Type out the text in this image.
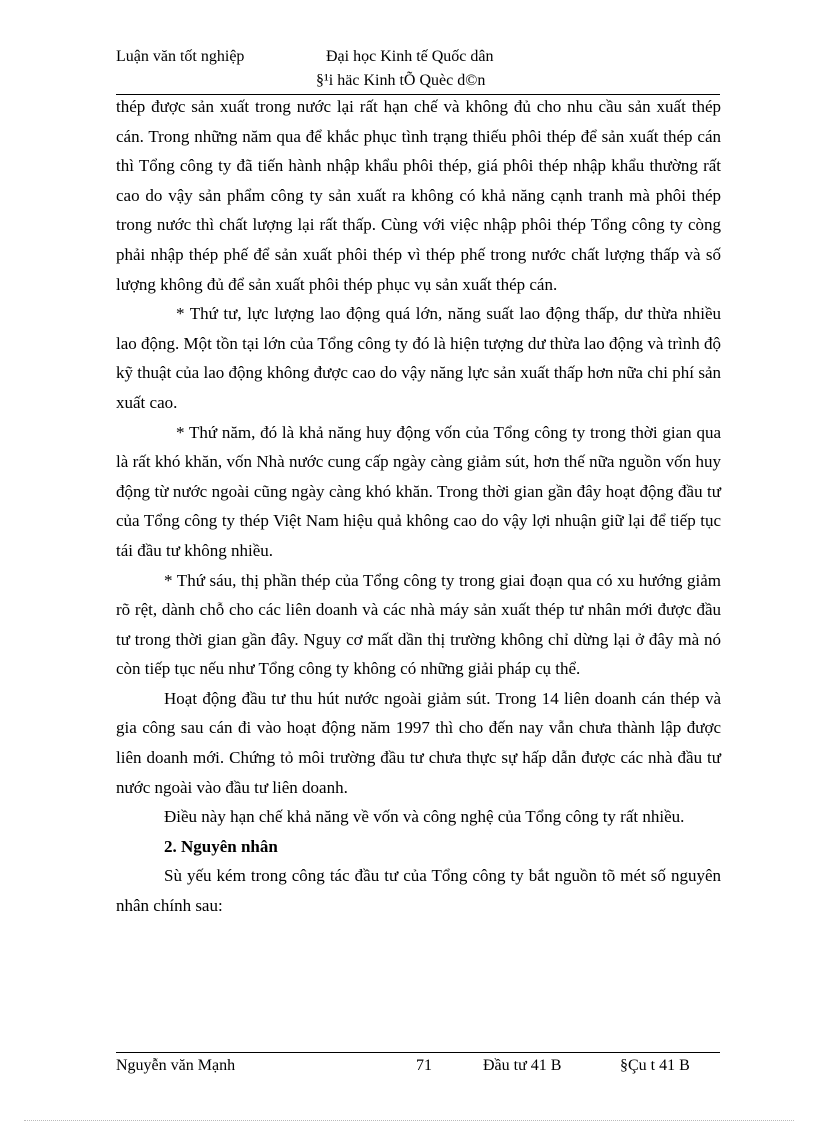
Luận văn tốt nghiệp	Đại học Kinh tế Quốc dân
§¹i häc Kinh tÕ Quèc d©n

thép được sản xuất trong nước lại rất hạn chế và không đủ cho nhu cầu sản xuất thép cán. Trong những năm qua để khắc phục tình trạng thiếu phôi thép để sản xuất thép cán thì Tổng công ty đã tiến hành nhập khẩu phôi thép, giá phôi thép nhập khẩu thường rất cao do vậy sản phẩm công ty sản xuất ra không có khả năng cạnh tranh mà phôi thép trong nước thì chất lượng lại rất thấp. Cùng với việc nhập phôi thép Tổng công ty còng phải nhập thép phế để sản xuất phôi thép vì thép phế trong nước chất lượng thấp và số lượng không đủ để sản xuất phôi thép phục vụ sản xuất thép cán.

* Thứ tư, lực lượng lao động quá lớn, năng suất lao động thấp, dư thừa nhiều lao động. Một tồn tại lớn của Tổng công ty đó là hiện tượng dư thừa lao động và trình độ kỹ thuật của lao động không được cao do vậy năng lực sản xuất thấp hơn nữa chi phí sản xuất cao.

* Thứ năm, đó là khả năng huy động vốn của Tổng công ty trong thời gian qua là rất khó khăn, vốn Nhà nước cung cấp ngày càng giảm sút, hơn thế nữa nguồn vốn huy động từ nước ngoài cũng ngày càng khó khăn. Trong thời gian gần đây hoạt động đầu tư của Tổng công ty thép Việt Nam hiệu quả không cao do vậy lợi nhuận giữ lại để tiếp tục tái đầu tư không nhiều.

* Thứ sáu, thị phần thép của Tổng công ty trong giai đoạn qua có xu hướng giảm rõ rệt, dành chỗ cho các liên doanh và các nhà máy sản xuất thép tư nhân mới được đầu tư trong thời gian gần đây. Nguy cơ mất dần thị trường không chỉ dừng lại ở đây mà nó còn tiếp tục nếu như Tổng công ty không có những giải pháp cụ thể.

Hoạt động đầu tư thu hút nước ngoài giảm sút. Trong 14 liên doanh cán thép và gia công sau cán đi vào hoạt động năm 1997 thì cho đến nay vẫn chưa thành lập được liên doanh mới. Chứng tỏ môi trường đầu tư chưa thực sự hấp dẫn được các nhà đầu tư nước ngoài vào đầu tư liên doanh.

Điều này hạn chế khả năng về vốn và công nghệ của Tổng công ty rất nhiều.

2. Nguyên nhân

Sù yếu kém trong công tác đầu tư của Tổng công ty bắt nguồn tõ mét số nguyên nhân chính sau:

Nguyễn văn Mạnh	71	Đầu tư 41 B	§Çu t 41 B
